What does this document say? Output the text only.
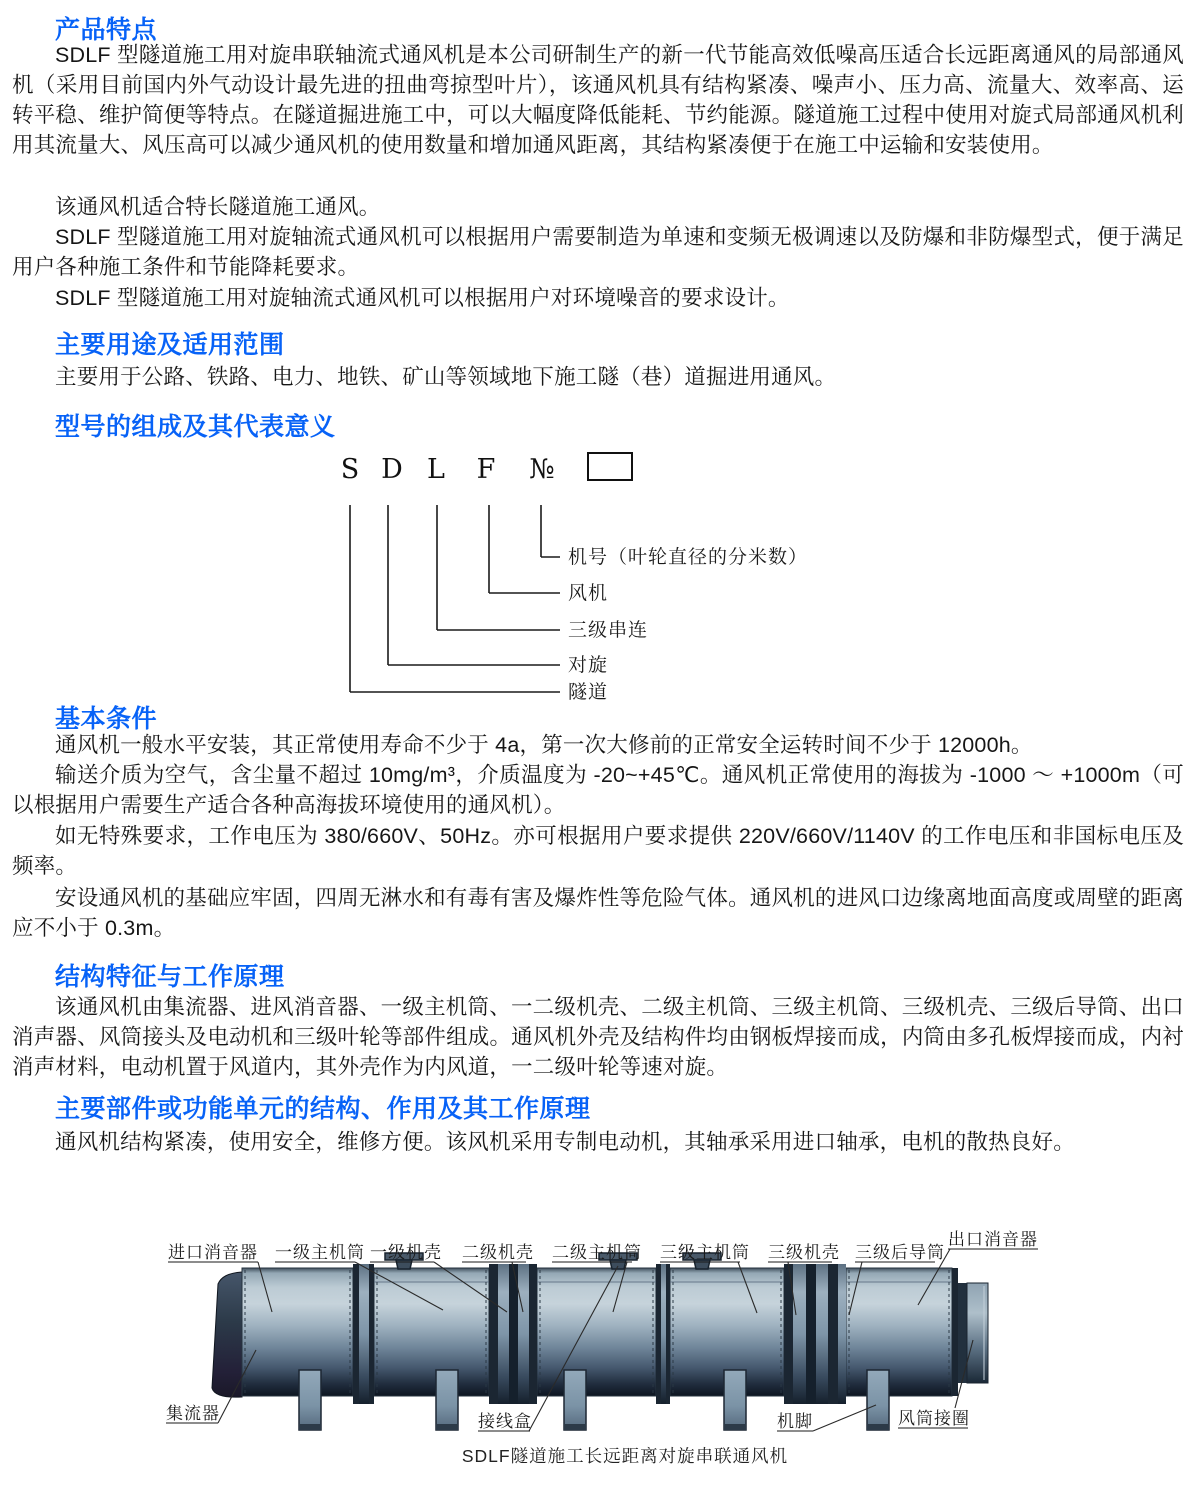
产品特点
SDLF 型隧道施工用对旋串联轴流式通风机是本公司研制生产的新一代节能高效低噪高压适合长远距离通风的局部通风机（采用目前国内外气动设计最先进的扭曲弯掠型叶片），该通风机具有结构紧凑、噪声小、压力高、流量大、效率高、运转平稳、维护简便等特点。在隧道掘进施工中，可以大幅度降低能耗、节约能源。隧道施工过程中使用对旋式局部通风机利用其流量大、风压高可以减少通风机的使用数量和增加通风距离，其结构紧凑便于在施工中运输和安装使用。
该通风机适合特长隧道施工通风。
SDLF 型隧道施工用对旋轴流式通风机可以根据用户需要制造为单速和变频无极调速以及防爆和非防爆型式，便于满足用户各种施工条件和节能降耗要求。
SDLF 型隧道施工用对旋轴流式通风机可以根据用户对环境噪音的要求设计。
主要用途及适用范围
主要用于公路、铁路、电力、地铁、矿山等领域地下施工隧（巷）道掘进用通风。
型号的组成及其代表意义
S D L F №
机号（叶轮直径的分米数）
风机
三级串连
对旋
隧道
基本条件
通风机一般水平安装，其正常使用寿命不少于 4a，第一次大修前的正常安全运转时间不少于 12000h。
输送介质为空气，含尘量不超过 10mg/m³，介质温度为 -20~+45℃。通风机正常使用的海拔为 -1000 ～ +1000m（可以根据用户需要生产适合各种高海拔环境使用的通风机）。
如无特殊要求，工作电压为 380/660V、50Hz。亦可根据用户要求提供 220V/660V/1140V 的工作电压和非国标电压及频率。
安设通风机的基础应牢固，四周无淋水和有毒有害及爆炸性等危险气体。通风机的进风口边缘离地面高度或周壁的距离应不小于 0.3m。
结构特征与工作原理
该通风机由集流器、进风消音器、一级主机筒、一二级机壳、二级主机筒、三级主机筒、三级机壳、三级后导筒、出口消声器、风筒接头及电动机和三级叶轮等部件组成。通风机外壳及结构件均由钢板焊接而成，内筒由多孔板焊接而成，内衬消声材料，电动机置于风道内，其外壳作为内风道，一二级叶轮等速对旋。
主要部件或功能单元的结构、作用及其工作原理
通风机结构紧凑，使用安全，维修方便。该风机采用专制电动机，其轴承采用进口轴承，电机的散热良好。
进口消音器 一级主机筒 一级机壳 二级机壳 二级主机筒 三级主机筒 三级机壳 三级后导筒
出口消音器
集流器	接线盒	机脚	风筒接圈
SDLF隧道施工长远距离对旋串联通风机
